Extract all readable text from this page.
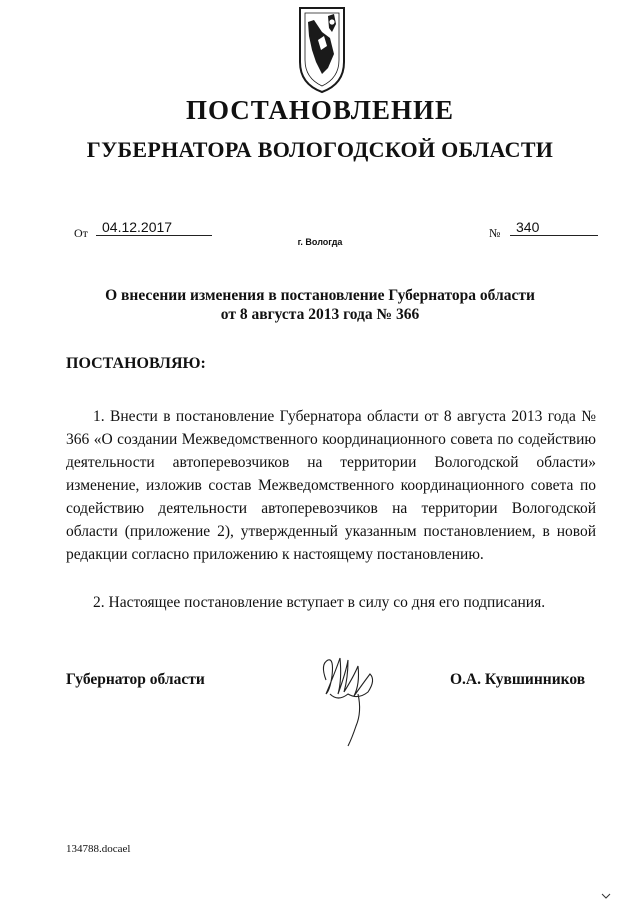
ПОСТАНОВЛЕНИЕ
ГУБЕРНАТОРА ВОЛОГОДСКОЙ ОБЛАСТИ
От	04.12.2017	№	340
г. Вологда
О внесении изменения в постановление Губернатора области
от 8 августа 2013 года № 366
ПОСТАНОВЛЯЮ:
1. Внести в постановление Губернатора области от 8 августа 2013 года № 366 «О создании Межведомственного координационного совета по содействию деятельности автоперевозчиков на территории Вологодской области» изменение, изложив состав Межведомственного координационного совета по содействию деятельности автоперевозчиков на территории Вологодской области (приложение 2), утвержденный указанным постановлением, в новой редакции согласно приложению к настоящему постановлению.
2. Настоящее постановление вступает в силу со дня его подписания.
Губернатор области	О.А. Кувшинников
134788.docael
